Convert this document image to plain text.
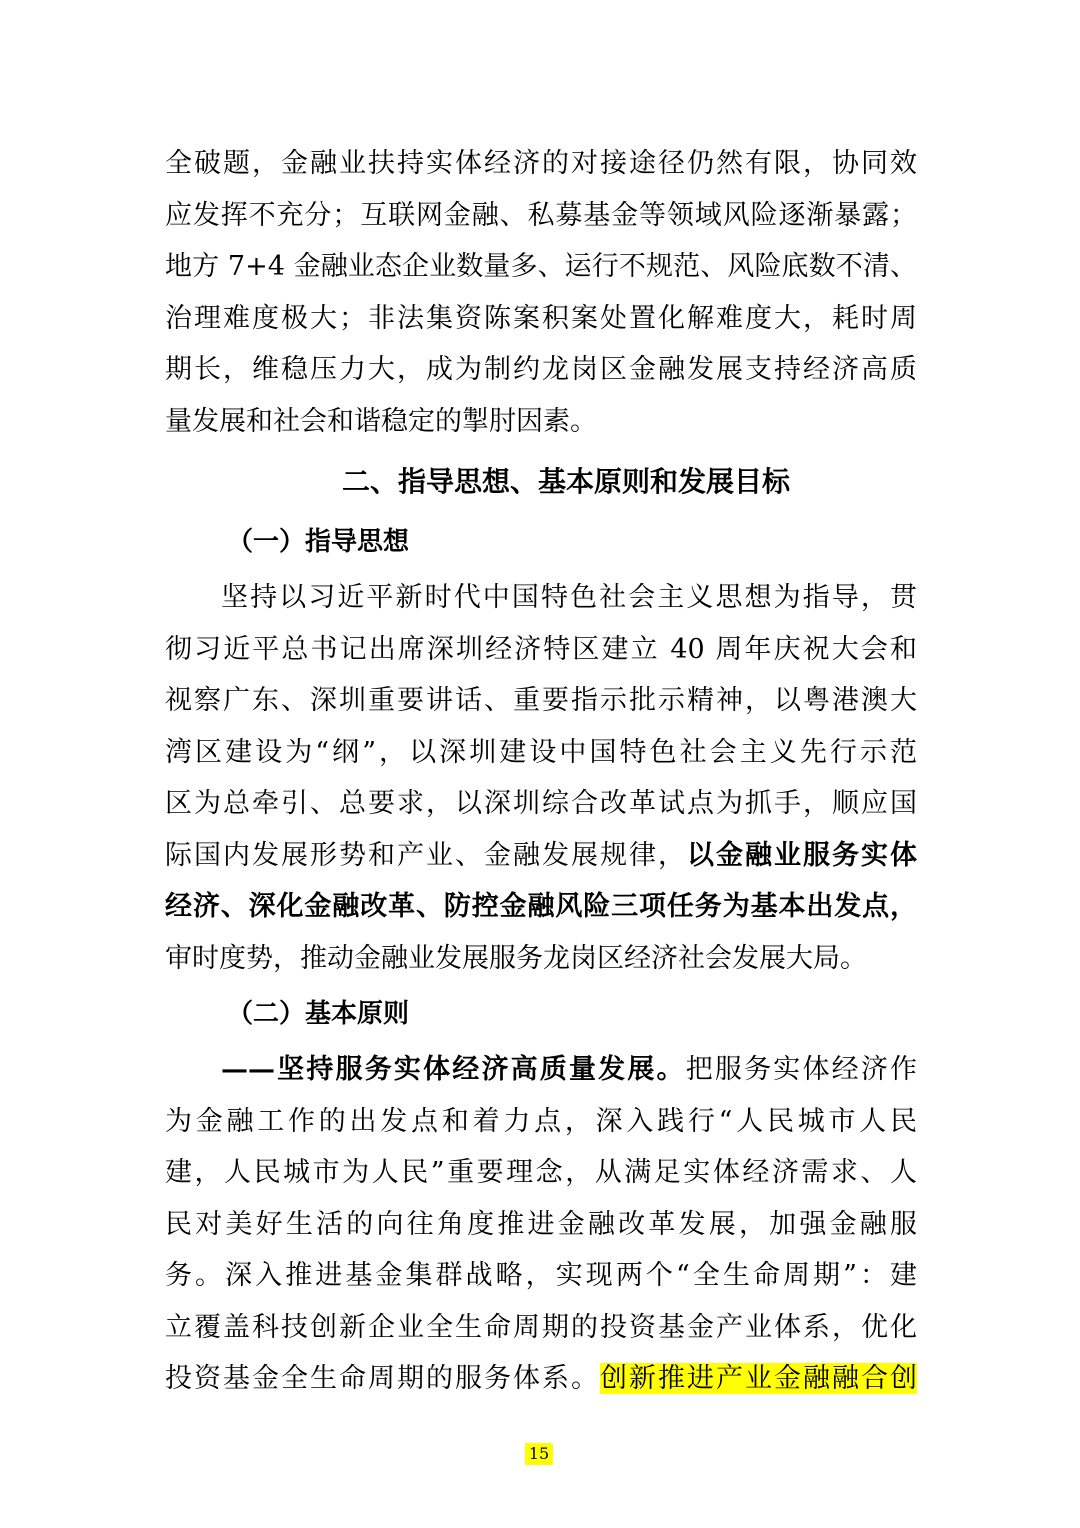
全破题，金融业扶持实体经济的对接途径仍然有限，协同效
应发挥不充分；互联网金融、私募基金等领域风险逐渐暴露；
地方 7+4 金融业态企业数量多、运行不规范、风险底数不清、
治理难度极大；非法集资陈案积案处置化解难度大，耗时周
期长，维稳压力大，成为制约龙岗区金融发展支持经济高质
量发展和社会和谐稳定的掣肘因素。
二、指导思想、基本原则和发展目标
（一）指导思想
坚持以习近平新时代中国特色社会主义思想为指导，贯
彻习近平总书记出席深圳经济特区建立 40 周年庆祝大会和
视察广东、深圳重要讲话、重要指示批示精神，以粤港澳大
湾区建设为“纲”，以深圳建设中国特色社会主义先行示范
区为总牵引、总要求，以深圳综合改革试点为抓手，顺应国
际国内发展形势和产业、金融发展规律，以金融业服务实体
经济、深化金融改革、防控金融风险三项任务为基本出发点，
审时度势，推动金融业发展服务龙岗区经济社会发展大局。
（二）基本原则
——坚持服务实体经济高质量发展。把服务实体经济作
为金融工作的出发点和着力点，深入践行“人民城市人民
建，人民城市为人民”重要理念，从满足实体经济需求、人
民对美好生活的向往角度推进金融改革发展，加强金融服
务。深入推进基金集群战略，实现两个“全生命周期”：建
立覆盖科技创新企业全生命周期的投资基金产业体系，优化
投资基金全生命周期的服务体系。创新推进产业金融融合创
15
